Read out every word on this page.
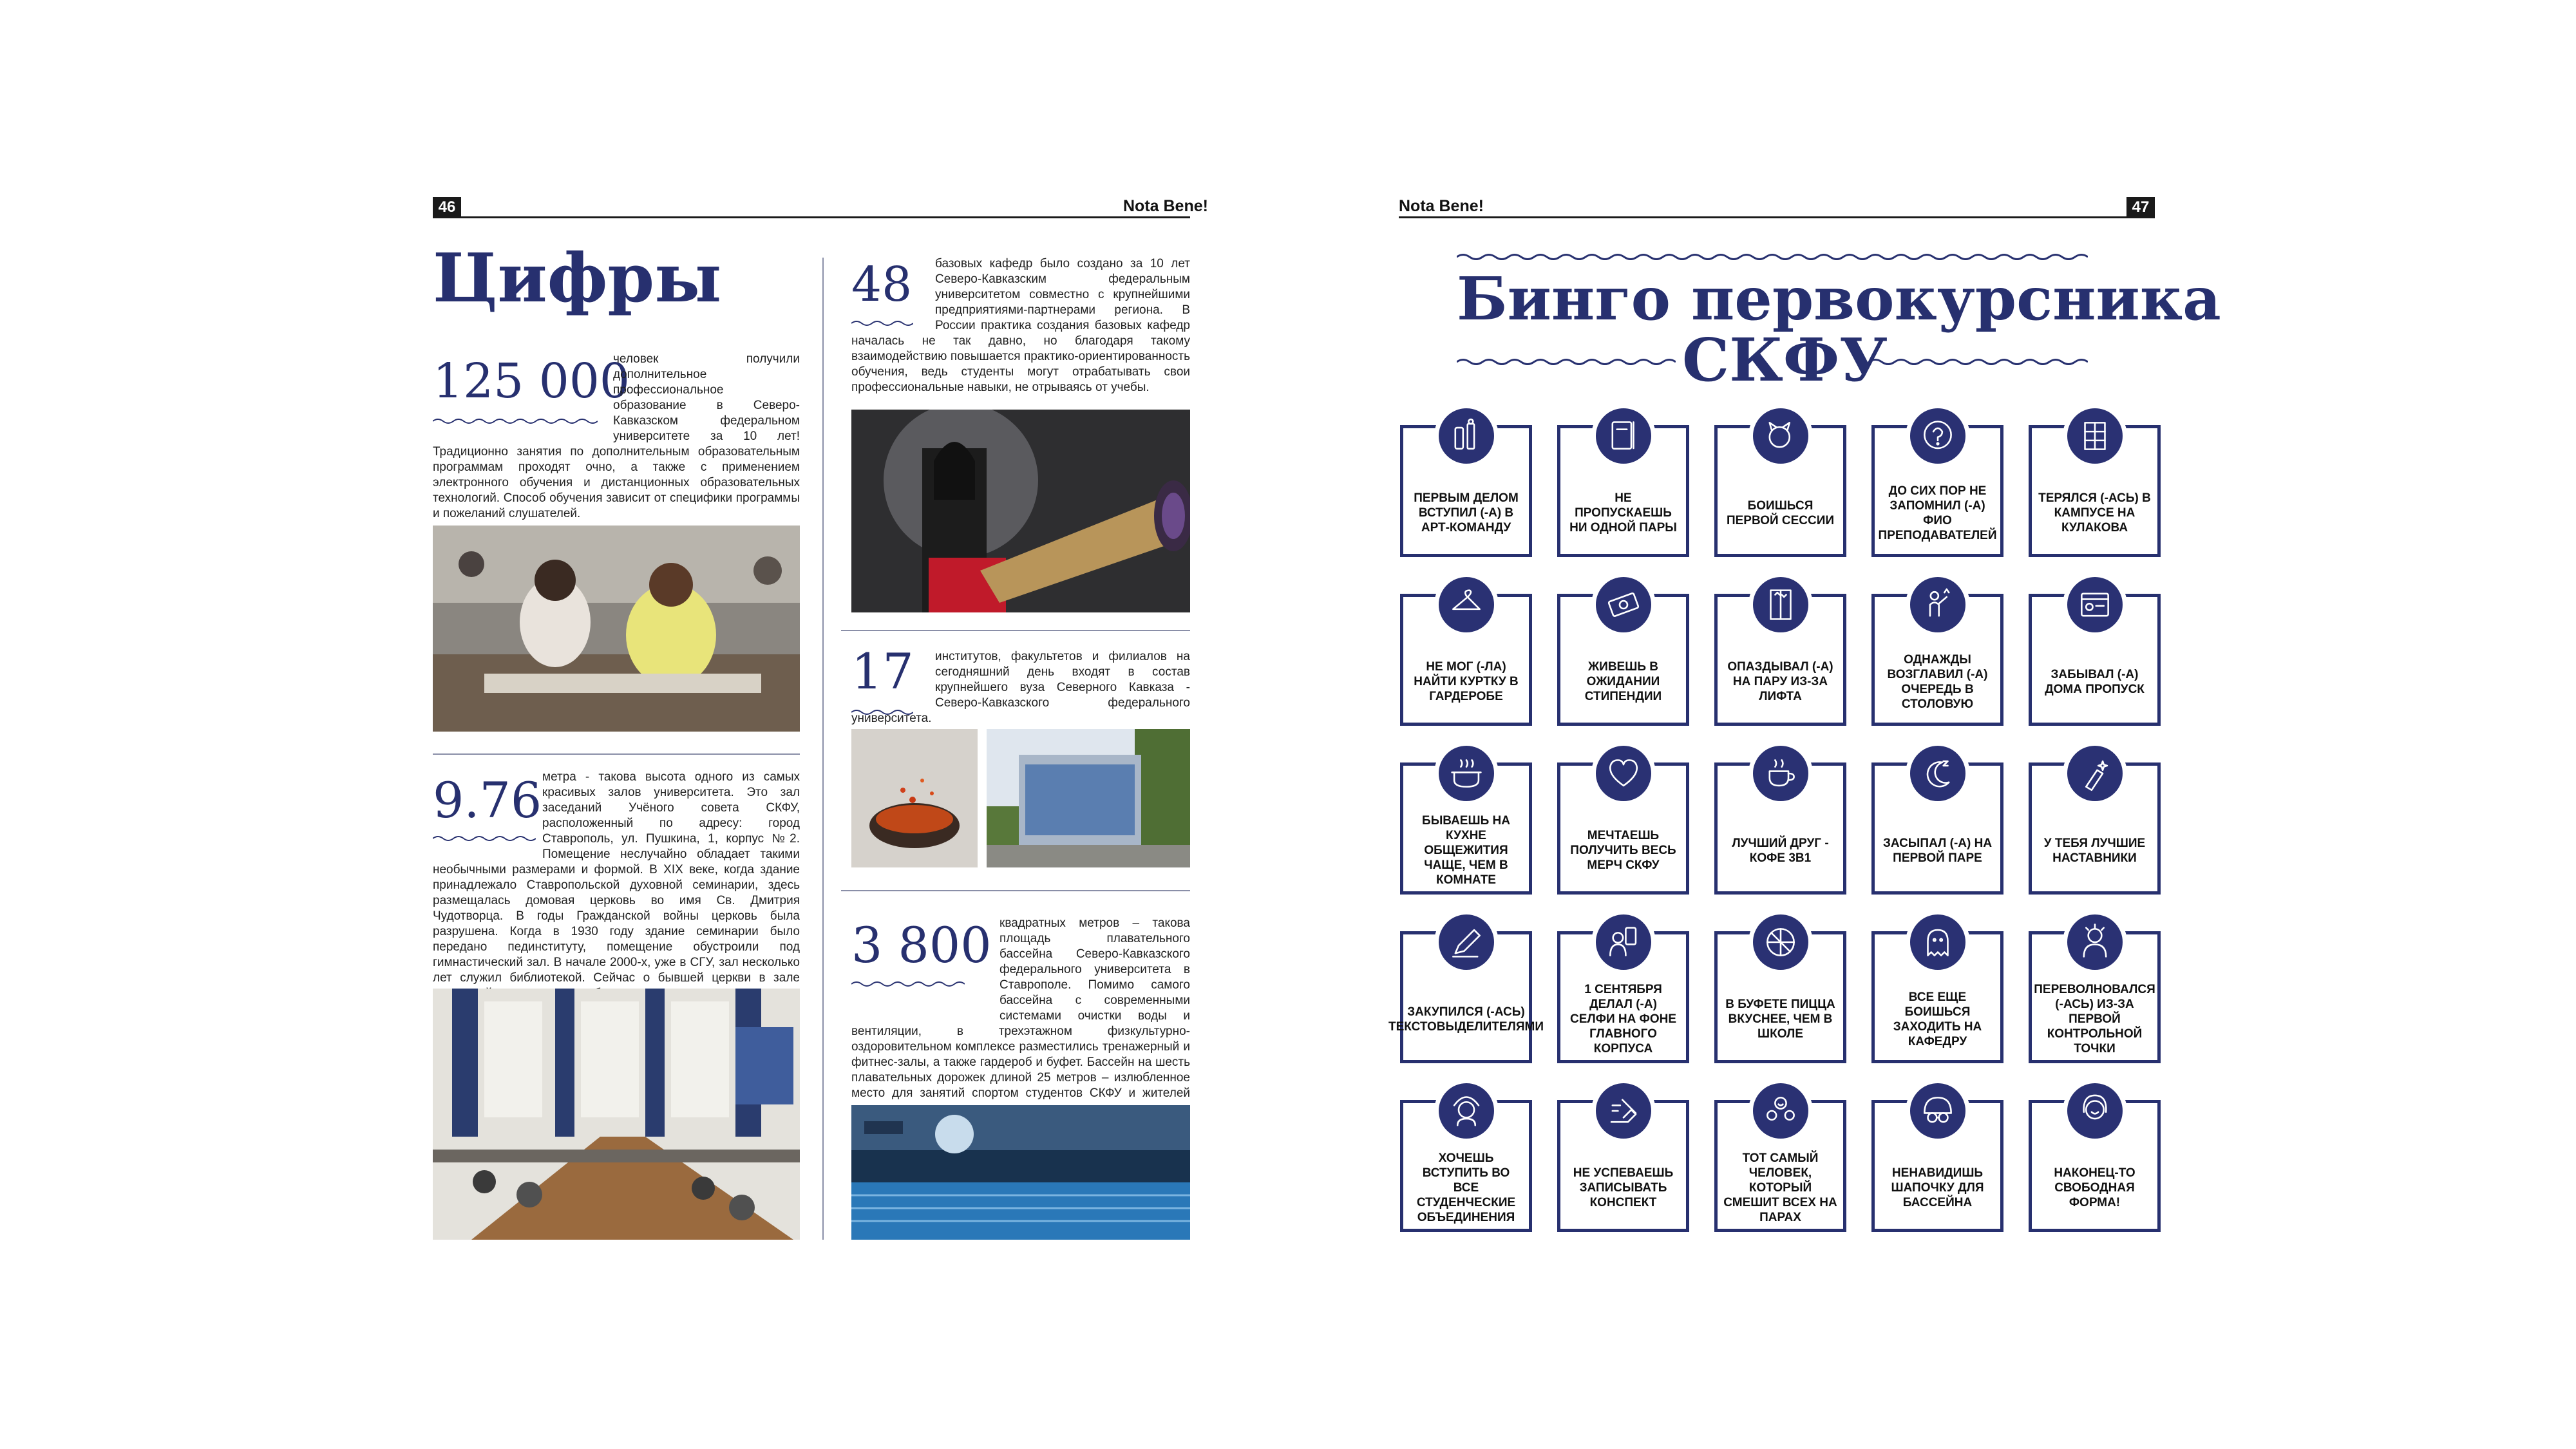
46	Nota Bene!
Цифры
125 000

человек получили дополнительное профессиональное образование в Северо-Кавказском федеральном университете за 10 лет! Традиционно занятия по дополнительным образовательным программам проходят очно, а также с применением электронного обучения и дистанционных образовательных технологий. Способ обучения зависит от специфики программы и пожеланий слушателей.

9.76 метра - такова высота одного из самых красивых залов университета. Это зал заседаний Учёного совета СКФУ, расположенный по адресу: город Ставрополь, ул. Пушкина, 1, корпус №2. Помещение неслучайно обладает такими необычными размерами и формой. В XIX веке, когда здание принадлежало Ставропольской духовной семинарии, здесь размещалась домовая церковь во имя Св. Дмитрия Чудотворца. В годы Гражданской войны церковь была разрушена. Когда в 1930 году здание семинарии было передано пединституту, помещение обустроили под гимнастический зал. В начале 2000-х, уже в СГУ, зал несколько лет служил библиотекой. Сейчас о бывшей церкви в зале

48	базовых кафедр было создано за 10 лет Северо-Кавказским федеральным университетом совместно с крупнейшими предприятиями-партнерами региона. В России практика создания базовых кафедр началась не так давно, но благодаря такому взаимодействию повышается практико-ориентированность обучения, ведь студенты могут отрабатывать свои профессиональные навыки, не отрываясь от учебы.

17	институтов, факультетов и филиалов на сегодняшний день входят в состав крупнейшего вуза Северного Кавказа - Северо-Кавказского федерального университета.

3 800 квадратных метров – такова площадь плавательного бассейна Северо-Кавказского федерального университета в Ставрополе. Помимо самого бассейна с современными системами очистки воды и вентиляции, в трехэтажном физкультурно-оздоровительном комплексе разместились тренажерный и фитнес-залы, а также гардероб и буфет. Бассейн на шесть плавательных дорожек длиной 25 метров – излюбленное место для занятий спортом студентов СКФУ и жителей

Nota Bene!	47
Бинго первокурсника
СКФУ
ПЕРВЫМ ДЕЛОМ ВСТУПИЛ (-А) В АРТ-КОМАНДУ
НЕ ПРОПУСКАЕШЬ НИ ОДНОЙ ПАРЫ
БОИШЬСЯ ПЕРВОЙ СЕССИИ
ДО СИХ ПОР НЕ ЗАПОМНИЛ (-А) ФИО ПРЕПОДАВАТЕЛЕЙ
ТЕРЯЛСЯ (-АСЬ) В КАМПУСЕ НА КУЛАКОВА
НЕ МОГ (-ЛА) НАЙТИ КУРТКУ В ГАРДЕРОБЕ
ЖИВЕШЬ В ОЖИДАНИИ СТИПЕНДИИ
ОПАЗДЫВАЛ (-А) НА ПАРУ ИЗ-ЗА ЛИФТА
ОДНАЖДЫ ВОЗГЛАВИЛ (-А) ОЧЕРЕДЬ В СТОЛОВУЮ
ЗАБЫВАЛ (-А) ДОМА ПРОПУСК
БЫВАЕШЬ НА КУХНЕ ОБЩЕЖИТИЯ ЧАЩЕ, ЧЕМ В КОМНАТЕ
МЕЧТАЕШЬ ПОЛУЧИТЬ ВЕСЬ МЕРЧ СКФУ
ЛУЧШИЙ ДРУГ - КОФЕ 3В1
ЗАСЫПАЛ (-А) НА ПЕРВОЙ ПАРЕ
У ТЕБЯ ЛУЧШИЕ НАСТАВНИКИ
ЗАКУПИЛСЯ (-АСЬ) ТЕКСТОВЫДЕЛИТЕЛЯМИ
1 СЕНТЯБРЯ ДЕЛАЛ (-А) СЕЛФИ НА ФОНЕ ГЛАВНОГО КОРПУСА
В БУФЕТЕ ПИЦЦА ВКУСНЕЕ, ЧЕМ В ШКОЛЕ
ВСЕ ЕЩЕ БОИШЬСЯ ЗАХОДИТЬ НА КАФЕДРУ
ПЕРЕВОЛНОВАЛСЯ (-АСЬ) ИЗ-ЗА ПЕРВОЙ КОНТРОЛЬНОЙ ТОЧКИ
ХОЧЕШЬ ВСТУПИТЬ ВО ВСЕ СТУДЕНЧЕСКИЕ ОБЪЕДИНЕНИЯ
НЕ УСПЕВАЕШЬ ЗАПИСЫВАТЬ КОНСПЕКТ
ТОТ САМЫЙ ЧЕЛОВЕК, КОТОРЫЙ СМЕШИТ ВСЕХ НА ПАРАХ
НЕНАВИДИШЬ ШАПОЧКУ ДЛЯ БАССЕЙНА
НАКОНЕЦ-ТО СВОБОДНАЯ ФОРМА!
